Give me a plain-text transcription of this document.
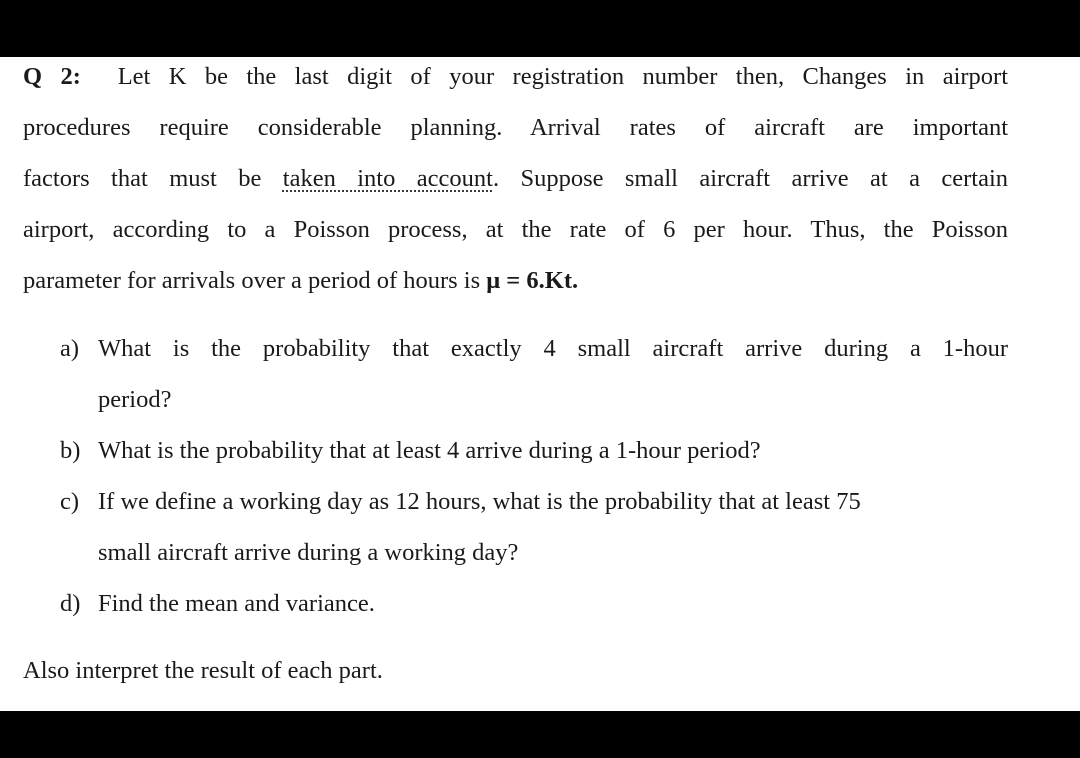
Q 2: Let K be the last digit of your registration number then, Changes in airport
procedures require considerable planning. Arrival rates of aircraft are important
factors that must be taken into account. Suppose small aircraft arrive at a certain
airport, according to a Poisson process, at the rate of 6 per hour. Thus, the Poisson
parameter for arrivals over a period of hours is μ = 6.Kt.
a) What is the probability that exactly 4 small aircraft arrive during a 1-hour
period?
b) What is the probability that at least 4 arrive during a 1-hour period?
c) If we define a working day as 12 hours, what is the probability that at least 75
small aircraft arrive during a working day?
d) Find the mean and variance.
Also interpret the result of each part.
